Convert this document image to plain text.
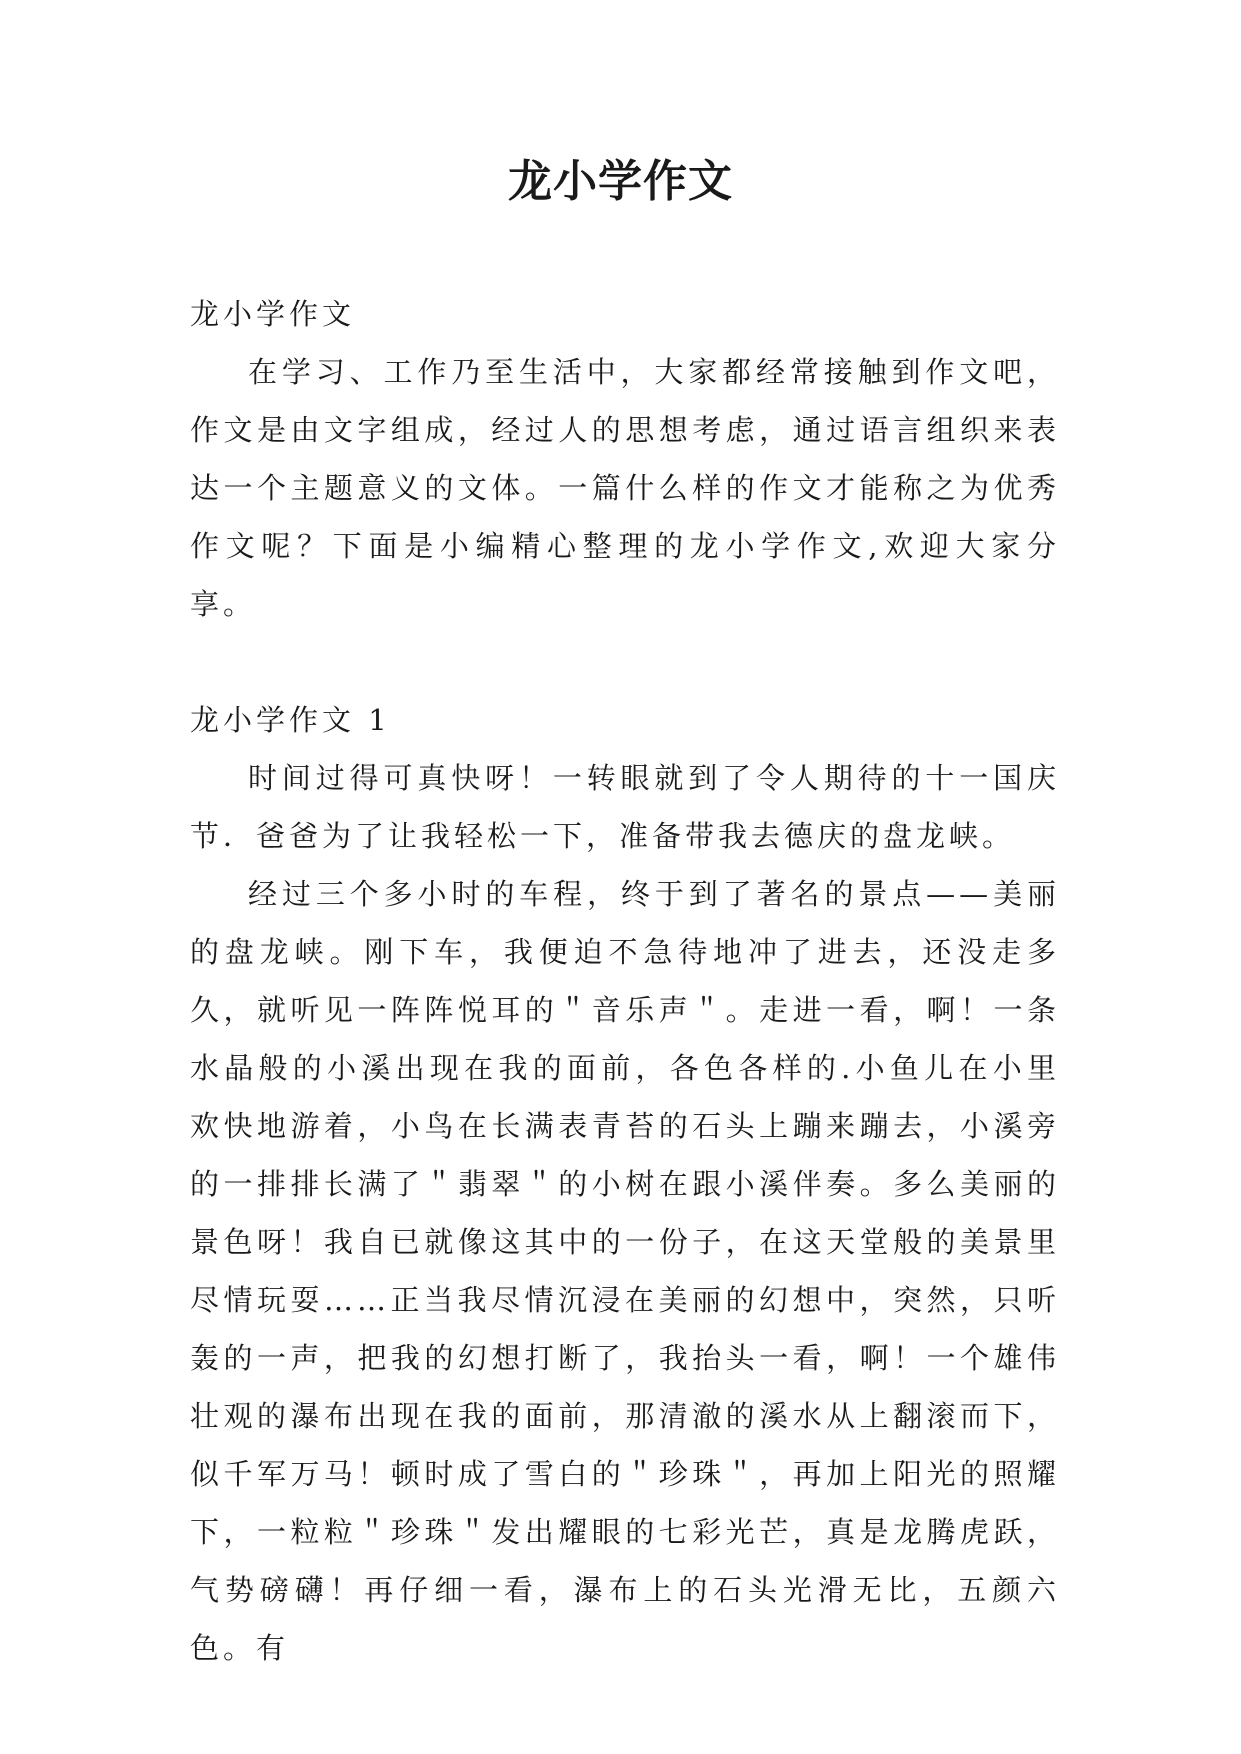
龙小学作文

龙小学作文

在学习、工作乃至生活中，大家都经常接触到作文吧，作文是由文字组成，经过人的思想考虑，通过语言组织来表达一个主题意义的文体。一篇什么样的作文才能称之为优秀作文呢？下面是小编精心整理的龙小学作文,欢迎大家分享。

龙小学作文 1

时间过得可真快呀！一转眼就到了令人期待的十一国庆节．爸爸为了让我轻松一下，准备带我去德庆的盘龙峡。

经过三个多小时的车程，终于到了著名的景点——美丽的盘龙峡。刚下车，我便迫不急待地冲了进去，还没走多久，就听见一阵阵悦耳的＂音乐声＂。走进一看，啊！一条水晶般的小溪出现在我的面前，各色各样的.小鱼儿在小里欢快地游着，小鸟在长满表青苔的石头上蹦来蹦去，小溪旁的一排排长满了＂翡翠＂的小树在跟小溪伴奏。多么美丽的景色呀！我自已就像这其中的一份子，在这天堂般的美景里尽情玩耍……正当我尽情沉浸在美丽的幻想中，突然，只听轰的一声，把我的幻想打断了，我抬头一看，啊！一个雄伟壮观的瀑布出现在我的面前，那清澈的溪水从上翻滚而下，似千军万马！顿时成了雪白的＂珍珠＂，再加上阳光的照耀下，一粒粒＂珍珠＂发出耀眼的七彩光芒，真是龙腾虎跃，气势磅礴！再仔细一看，瀑布上的石头光滑无比，五颜六色。有
